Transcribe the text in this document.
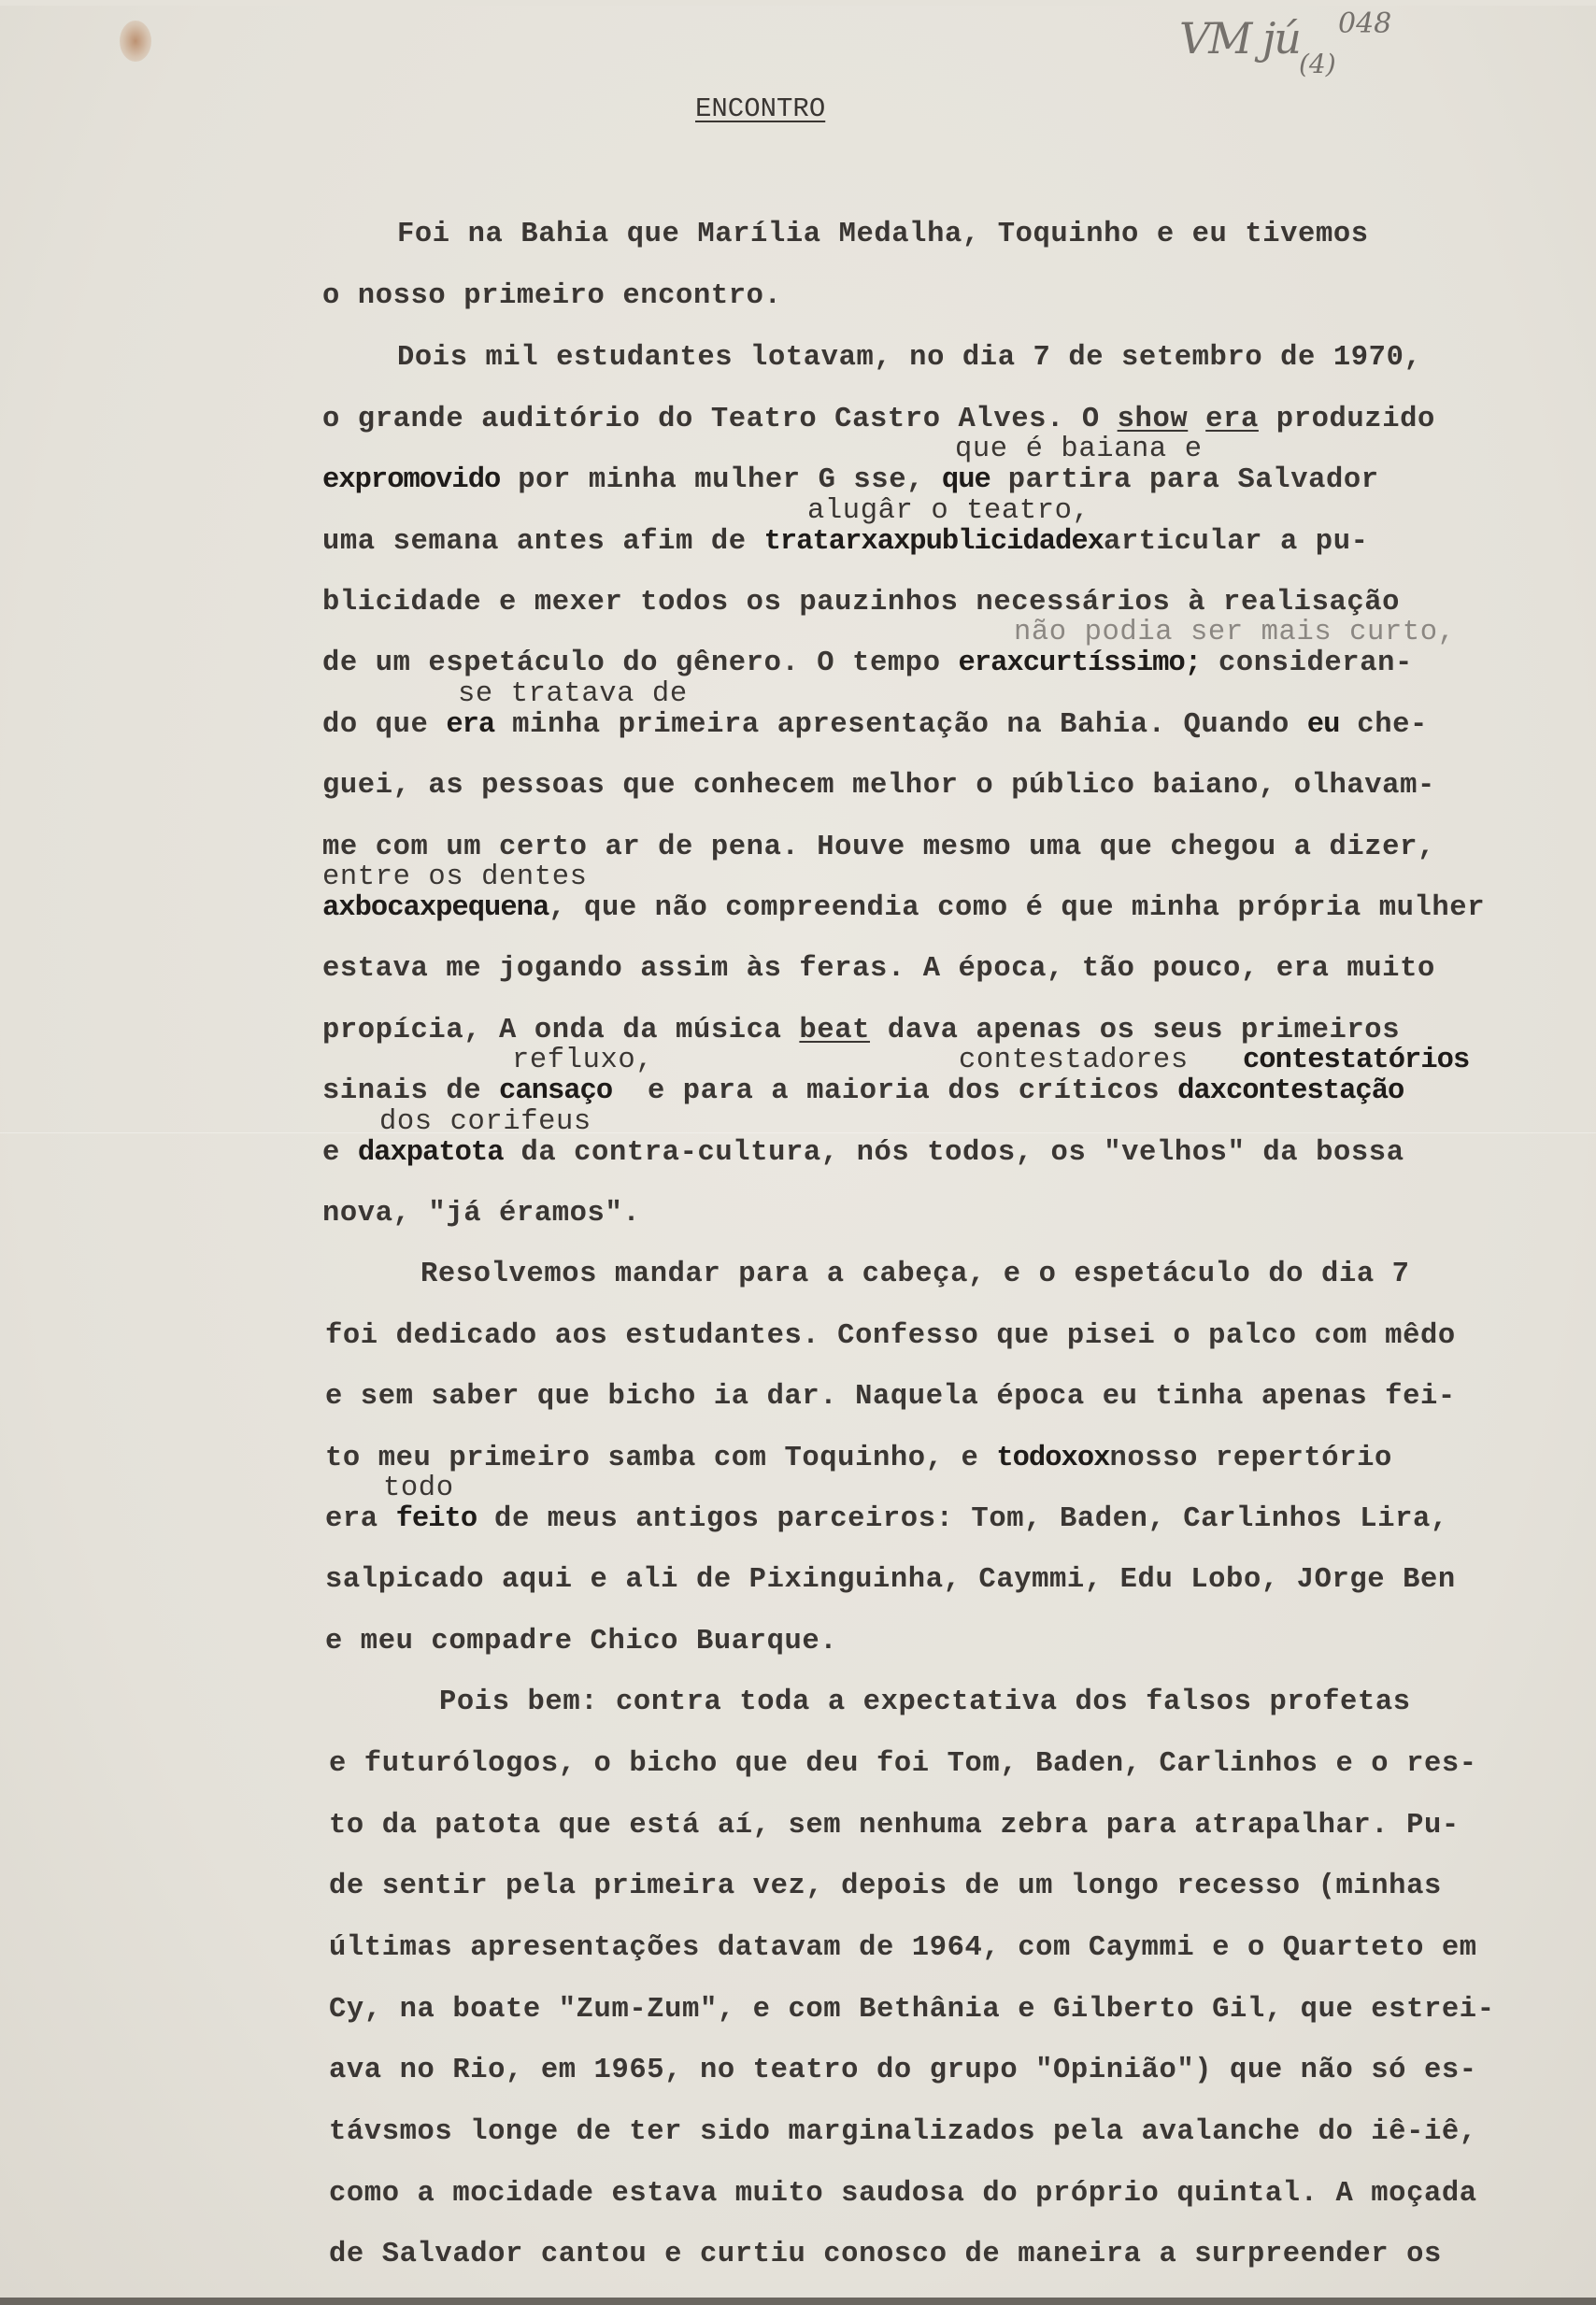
VM jú 048
(4)
ENCONTRO
Foi na Bahia que Marília Medalha, Toquinho e eu tivemos
o nosso primeiro encontro.
Dois mil estudantes lotavam, no dia 7 de setembro de 1970,
o grande auditório do Teatro Castro Alves. O show era produzido
que é baiana e
expromovido por minha mulher G sse, que partira para Salvador
alugâr o teatro,
uma semana antes afim de tratarxaxpublicidadexarticular a pu-
blicidade e mexer todos os pauzinhos necessários à realisação
não podia ser mais curto,
de um espetáculo do gênero. O tempo eraxcurtíssimo; consideran-
se tratava de
do que era minha primeira apresentação na Bahia. Quando eu che-
guei, as pessoas que conhecem melhor o público baiano, olhavam-
me com um certo ar de pena. Houve mesmo uma que chegou a dizer,
entre os dentes
axbocaxpequena, que não compreendia como é que minha própria mulher
estava me jogando assim às feras. A época, tão pouco, era muito
propícia, A onda da música beat dava apenas os seus primeiros
refluxo,	contestadores contestatórios
sinais de cansaço  e para a maioria dos críticos daxcontestação
dos corifeus
e daxpatota da contra-cultura, nós todos, os "velhos" da bossa
nova, "já éramos".
Resolvemos mandar para a cabeça, e o espetáculo do dia 7
foi dedicado aos estudantes. Confesso que pisei o palco com mêdo
e sem saber que bicho ia dar. Naquela época eu tinha apenas fei-
to meu primeiro samba com Toquinho, e todoxoxnosso repertório
todo
era feito de meus antigos parceiros: Tom, Baden, Carlinhos Lira,
salpicado aqui e ali de Pixinguinha, Caymmi, Edu Lobo, JOrge Ben
e meu compadre Chico Buarque.
Pois bem: contra toda a expectativa dos falsos profetas
e futurólogos, o bicho que deu foi Tom, Baden, Carlinhos e o res-
to da patota que está aí, sem nenhuma zebra para atrapalhar. Pu-
de sentir pela primeira vez, depois de um longo recesso (minhas
últimas apresentações datavam de 1964, com Caymmi e o Quarteto em
Cy, na boate "Zum-Zum", e com Bethânia e Gilberto Gil, que estrei-
ava no Rio, em 1965, no teatro do grupo "Opinião") que não só es-
távsmos longe de ter sido marginalizados pela avalanche do iê-iê,
como a mocidade estava muito saudosa do próprio quintal. A moçada
de Salvador cantou e curtiu conosco de maneira a surpreender os
